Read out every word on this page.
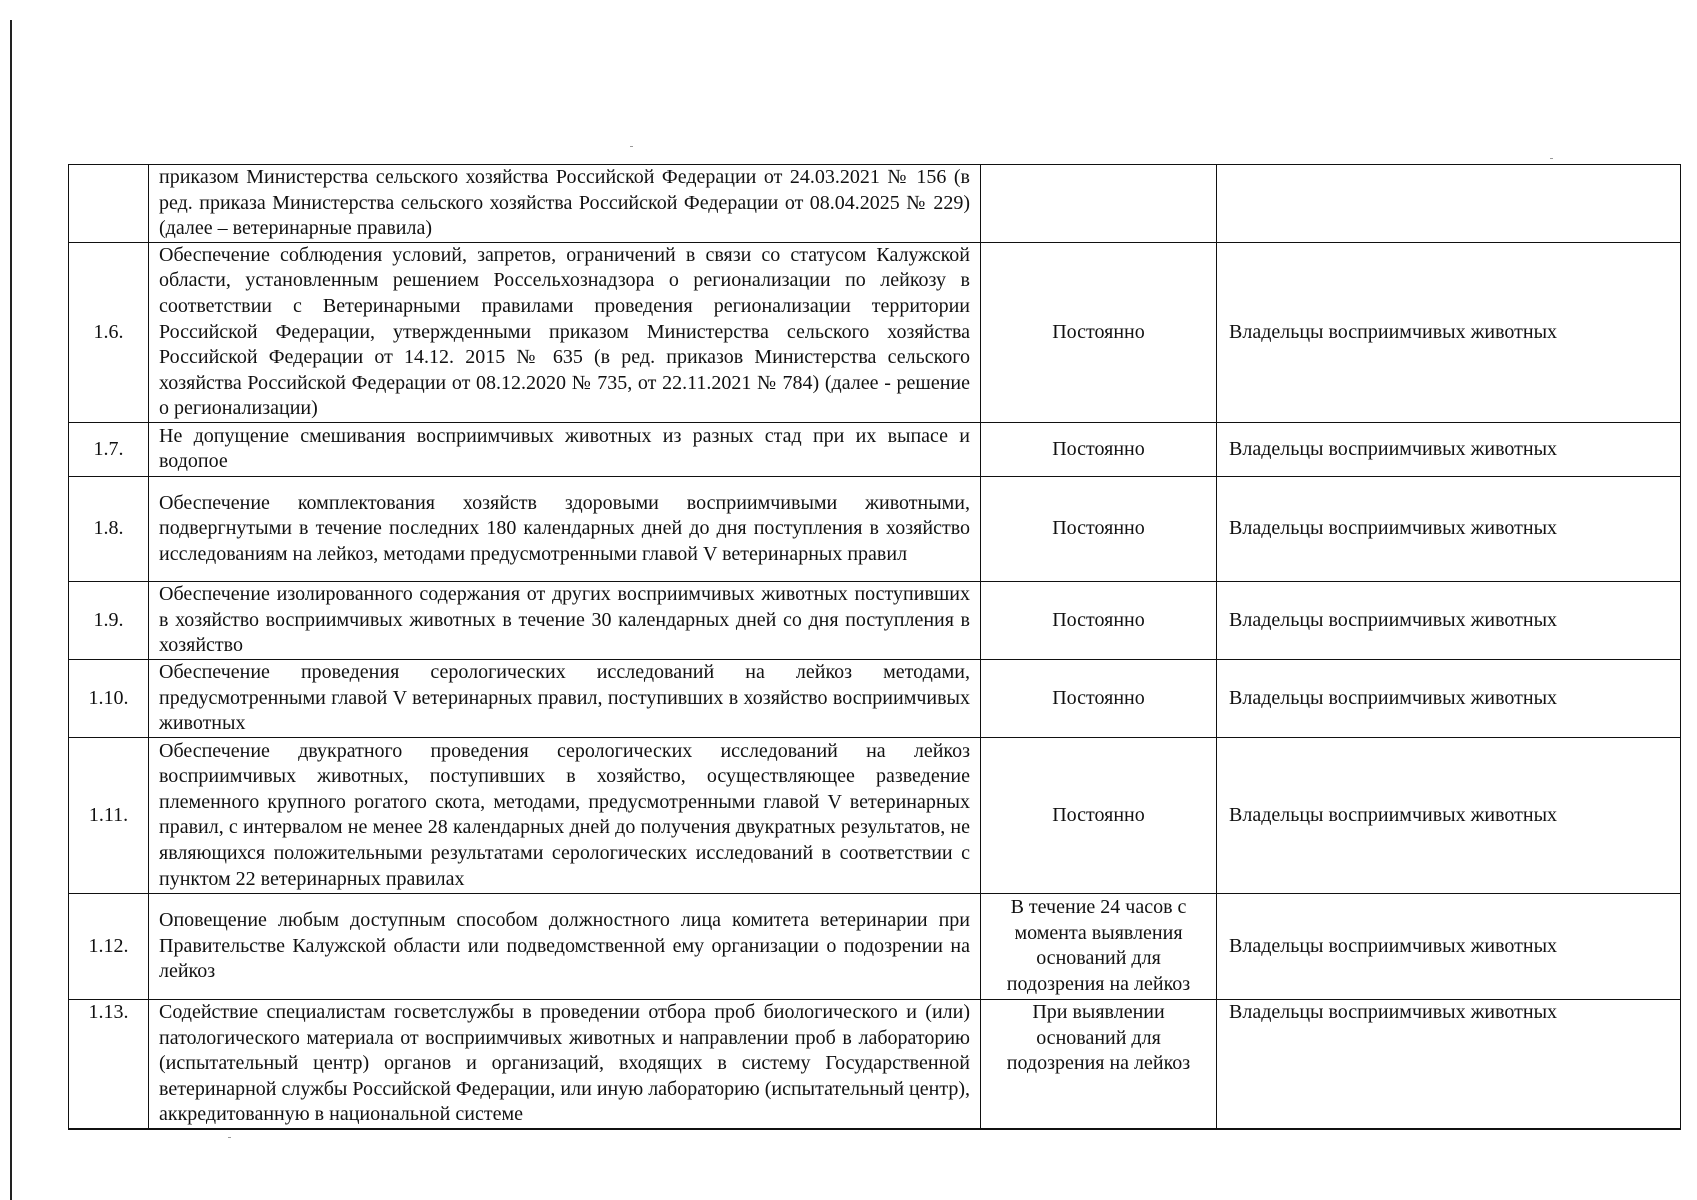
	приказом Министерства сельского хозяйства Российской Федерации от 24.03.2021 № 156 (в ред. приказа Министерства сельского хозяйства Российской Федерации от 08.04.2025 № 229) (далее – ветеринарные правила)		
1.6.	Обеспечение соблюдения условий, запретов, ограничений в связи со статусом Калужской области, установленным решением Россельхознадзора о регионализации по лейкозу в соответствии с Ветеринарными правилами проведения регионализации территории Российской Федерации, утвержденными приказом Министерства сельского хозяйства Российской Федерации от 14.12. 2015 № 635 (в ред. приказов Министерства сельского хозяйства Российской Федерации от 08.12.2020 № 735, от 22.11.2021 № 784) (далее - решение о регионализации)	Постоянно	Владельцы восприимчивых животных
1.7.	Не допущение смешивания восприимчивых животных из разных стад при их выпасе и водопое	Постоянно	Владельцы восприимчивых животных
1.8.	Обеспечение комплектования хозяйств здоровыми восприимчивыми животными, подвергнутыми в течение последних 180 календарных дней до дня поступления в хозяйство исследованиям на лейкоз, методами предусмотренными главой V ветеринарных правил	Постоянно	Владельцы восприимчивых животных
1.9.	Обеспечение изолированного содержания от других восприимчивых животных поступивших в хозяйство восприимчивых животных в течение 30 календарных дней со дня поступления в хозяйство	Постоянно	Владельцы восприимчивых животных
1.10.	Обеспечение проведения серологических исследований на лейкоз методами, предусмотренными главой V ветеринарных правил, поступивших в хозяйство восприимчивых животных	Постоянно	Владельцы восприимчивых животных
1.11.	Обеспечение двукратного проведения серологических исследований на лейкоз восприимчивых животных, поступивших в хозяйство, осуществляющее разведение племенного крупного рогатого скота, методами, предусмотренными главой V ветеринарных правил, с интервалом не менее 28 календарных дней до получения двукратных результатов, не являющихся положительными результатами серологических исследований в соответствии с пунктом 22 ветеринарных правилах	Постоянно	Владельцы восприимчивых животных
1.12.	Оповещение любым доступным способом должностного лица комитета ветеринарии при Правительстве Калужской области или подведомственной ему организации о подозрении на лейкоз	В течение 24 часов с момента выявления оснований для подозрения на лейкоз	Владельцы восприимчивых животных
1.13.	Содействие специалистам госветслужбы в проведении отбора проб биологического и (или) патологического материала от восприимчивых животных и направлении проб в лабораторию (испытательный центр) органов и организаций, входящих в систему Государственной ветеринарной службы Российской Федерации, или иную лабораторию (испытательный центр), аккредитованную в национальной системе	При выявлении оснований для подозрения на лейкоз	Владельцы восприимчивых животных
